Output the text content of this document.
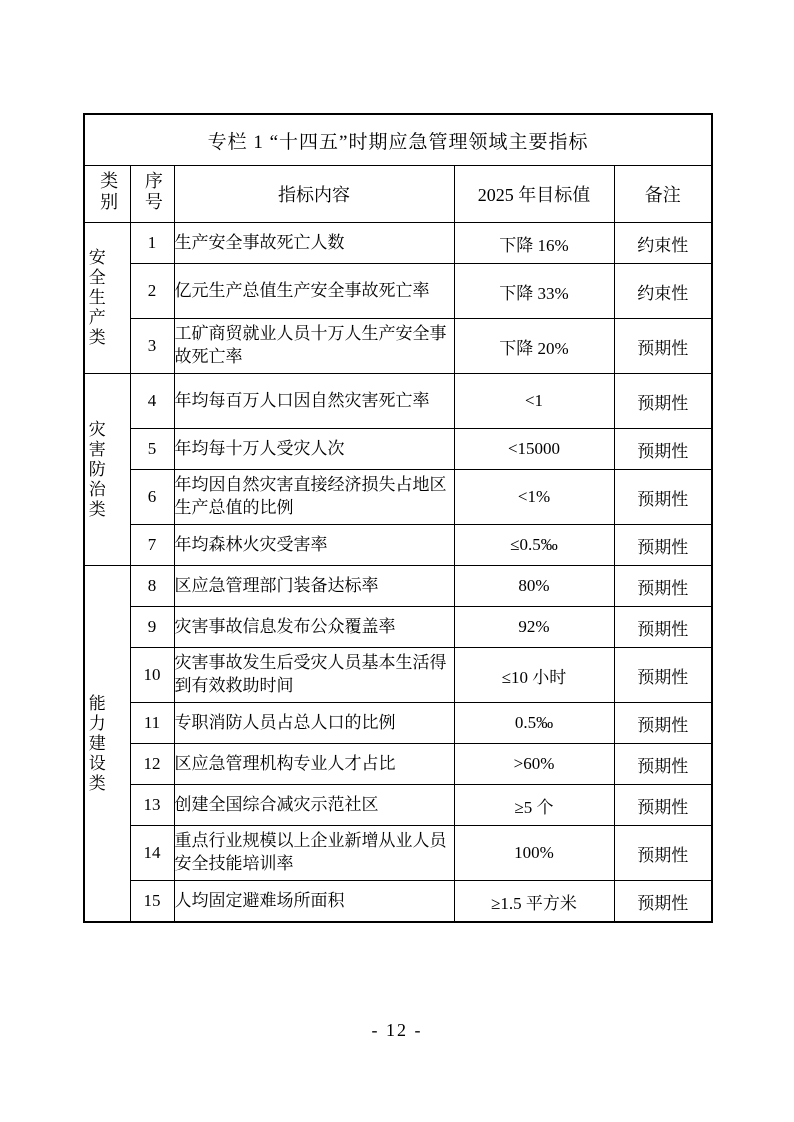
专栏 1 “十四五”时期应急管理领域主要指标				
类别	序号	指标内容	2025 年目标值	备注

安全生产类	1	生产安全事故死亡人数	下降 16%	约束性
	2	亿元生产总值生产安全事故死亡率	下降 33%	约束性
	3	工矿商贸就业人员十万人生产安全事故死亡率	下降 20%	预期性

灾害防治类	4	年均每百万人口因自然灾害死亡率	<1	预期性
	5	年均每十万人受灾人次	<15000	预期性
	6	年均因自然灾害直接经济损失占地区生产总值的比例	<1%	预期性
	7	年均森林火灾受害率	≤0.5‰	预期性

能力建设类	8	区应急管理部门装备达标率	80%	预期性
	9	灾害事故信息发布公众覆盖率	92%	预期性
	10	灾害事故发生后受灾人员基本生活得到有效救助时间	≤10 小时	预期性
	11	专职消防人员占总人口的比例	0.5‰	预期性
	12	区应急管理机构专业人才占比	>60%	预期性
	13	创建全国综合减灾示范社区	≥5 个	预期性
	14	重点行业规模以上企业新增从业人员安全技能培训率	100%	预期性
	15	人均固定避难场所面积	≥1.5 平方米	预期性
- 12 -
